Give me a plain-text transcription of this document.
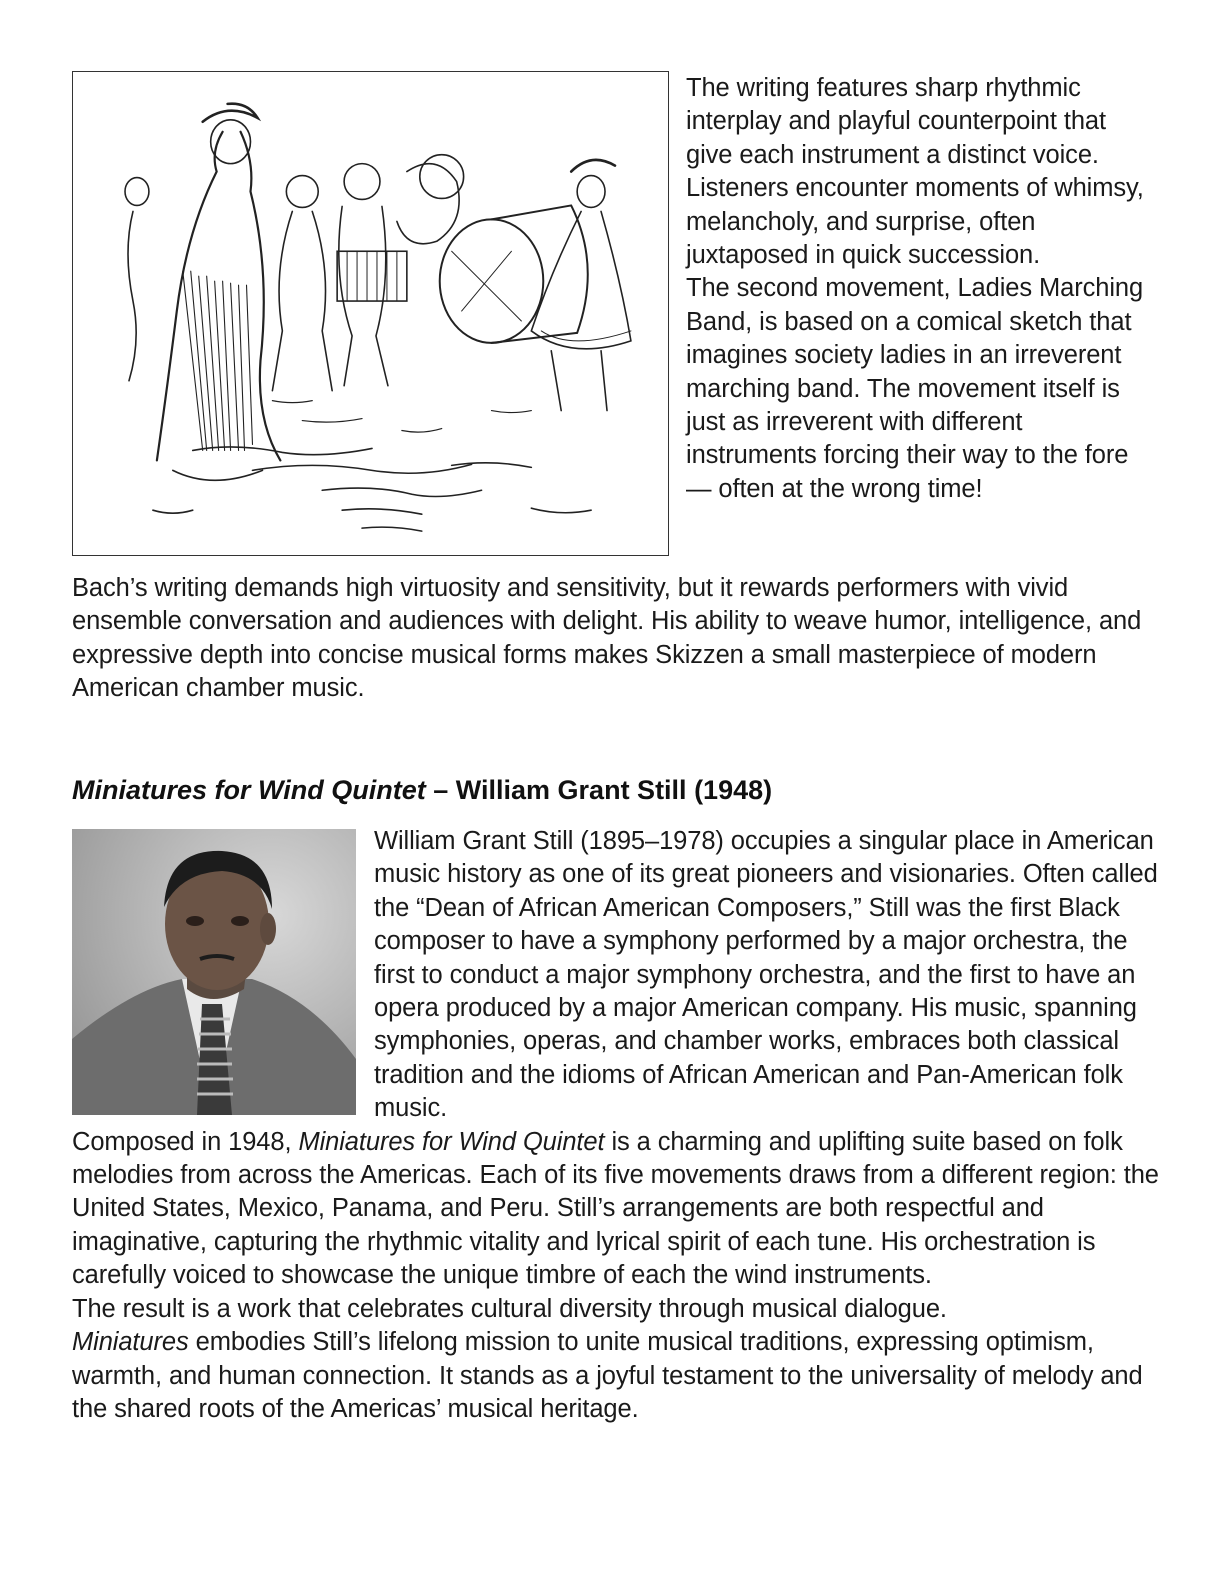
The writing features sharp rhythmic interplay and playful counterpoint that give each instrument a distinct voice. Listeners encounter moments of whimsy, melancholy, and surprise, often juxtaposed in quick succession.

The second movement, Ladies Marching Band, is based on a comical sketch that imagines society ladies in an irreverent marching band. The movement itself is just as irreverent with different instruments forcing their way to the fore — often at the wrong time!

Bach’s writing demands high virtuosity and sensitivity, but it rewards performers with vivid ensemble conversation and audiences with delight. His ability to weave humor, intelligence, and expressive depth into concise musical forms makes Skizzen a small masterpiece of modern American chamber music.

Miniatures for Wind Quintet – William Grant Still (1948)

William Grant Still (1895–1978) occupies a singular place in American music history as one of its great pioneers and visionaries. Often called the “Dean of African American Composers,” Still was the first Black composer to have a symphony performed by a major orchestra, the first to conduct a major symphony orchestra, and the first to have an opera produced by a major American company. His music, spanning symphonies, operas, and chamber works, embraces both classical tradition and the idioms of African American and Pan-American folk music.

Composed in 1948, Miniatures for Wind Quintet is a charming and uplifting suite based on folk melodies from across the Americas. Each of its five movements draws from a different region: the United States, Mexico, Panama, and Peru. Still’s arrangements are both respectful and imaginative, capturing the rhythmic vitality and lyrical spirit of each tune. His orchestration is carefully voiced to showcase the unique timbre of each the wind instruments.

The result is a work that celebrates cultural diversity through musical dialogue.
Miniatures embodies Still’s lifelong mission to unite musical traditions, expressing optimism, warmth, and human connection. It stands as a joyful testament to the universality of melody and the shared roots of the Americas’ musical heritage.
